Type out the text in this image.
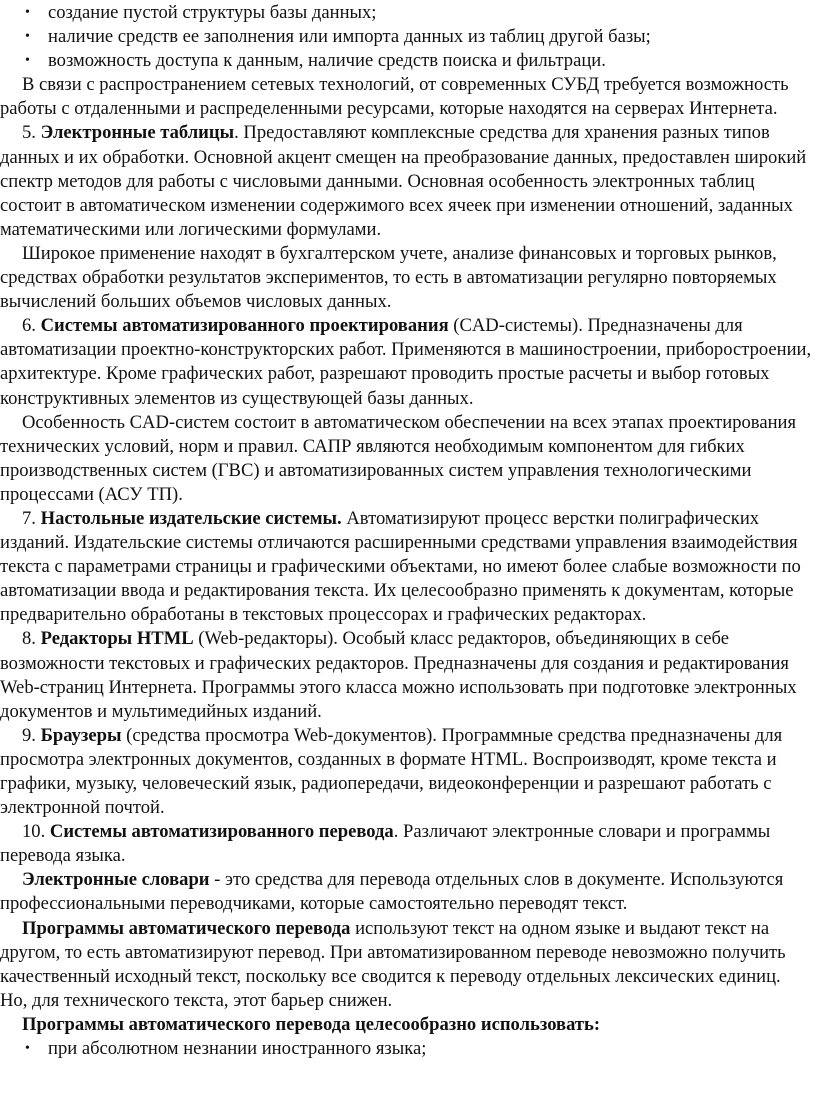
• создание пустой структуры базы данных;
• наличие средств ее заполнения или импорта данных из таблиц другой базы;
• возможность доступа к данным, наличие средств поиска и фильтраци.

В связи с распространением сетевых технологий, от современных СУБД требуется возможность работы с отдаленными и распределенными ресурсами, которые находятся на серверах Интернета.

5. Электронные таблицы. Предоставляют комплексные средства для хранения разных типов данных и их обработки. Основной акцент смещен на преобразование данных, предоставлен широкий спектр методов для работы с числовыми данными. Основная особенность электронных таблиц состоит в автоматическом изменении содержимого всех ячеек при изменении отношений, заданных математическими или логическими формулами.

Широкое применение находят в бухгалтерском учете, анализе финансовых и торговых рынков, средствах обработки результатов экспериментов, то есть в автоматизации регулярно повторяемых вычислений больших объемов числовых данных.

6. Системы автоматизированного проектирования (CAD-системы). Предназначены для автоматизации проектно-конструкторских работ. Применяются в машиностроении, приборостроении, архитектуре. Кроме графических работ, разрешают проводить простые расчеты и выбор готовых конструктивных элементов из существующей базы данных.

Особенность CAD-систем состоит в автоматическом обеспечении на всех этапах проектирования технических условий, норм и правил. САПР являются необходимым компонентом для гибких производственных систем (ГВС) и автоматизированных систем управления технологическими процессами (АСУ ТП).

7. Настольные издательские системы. Автоматизируют процесс верстки полиграфических изданий. Издательские системы отличаются расширенными средствами управления взаимодействия текста с параметрами страницы и графическими объектами, но имеют более слабые возможности по автоматизации ввода и редактирования текста. Их целесообразно применять к документам, которые предварительно обработаны в текстовых процессорах и графических редакторах.

8. Редакторы HTML (Web-редакторы). Особый класс редакторов, объединяющих в себе возможности текстовых и графических редакторов. Предназначены для создания и редактирования Web-страниц Интернета. Программы этого класса можно использовать при подготовке электронных документов и мультимедийных изданий.

9. Браузеры (средства просмотра Web-документов). Программные средства предназначены для просмотра электронных документов, созданных в формате HTML. Воспроизводят, кроме текста и графики, музыку, человеческий язык, радиопередачи, видеоконференции и разрешают работать с электронной почтой.

10. Системы автоматизированного перевода. Различают электронные словари и программы перевода языка.

Электронные словари - это средства для перевода отдельных слов в документе. Используются профессиональными переводчиками, которые самостоятельно переводят текст.

Программы автоматического перевода используют текст на одном языке и выдают текст на другом, то есть автоматизируют перевод. При автоматизированном переводе невозможно получить качественный исходный текст, поскольку все сводится к переводу отдельных лексических единиц. Но, для технического текста, этот барьер снижен.

Программы автоматического перевода целесообразно использовать:

• при абсолютном незнании иностранного языка;
